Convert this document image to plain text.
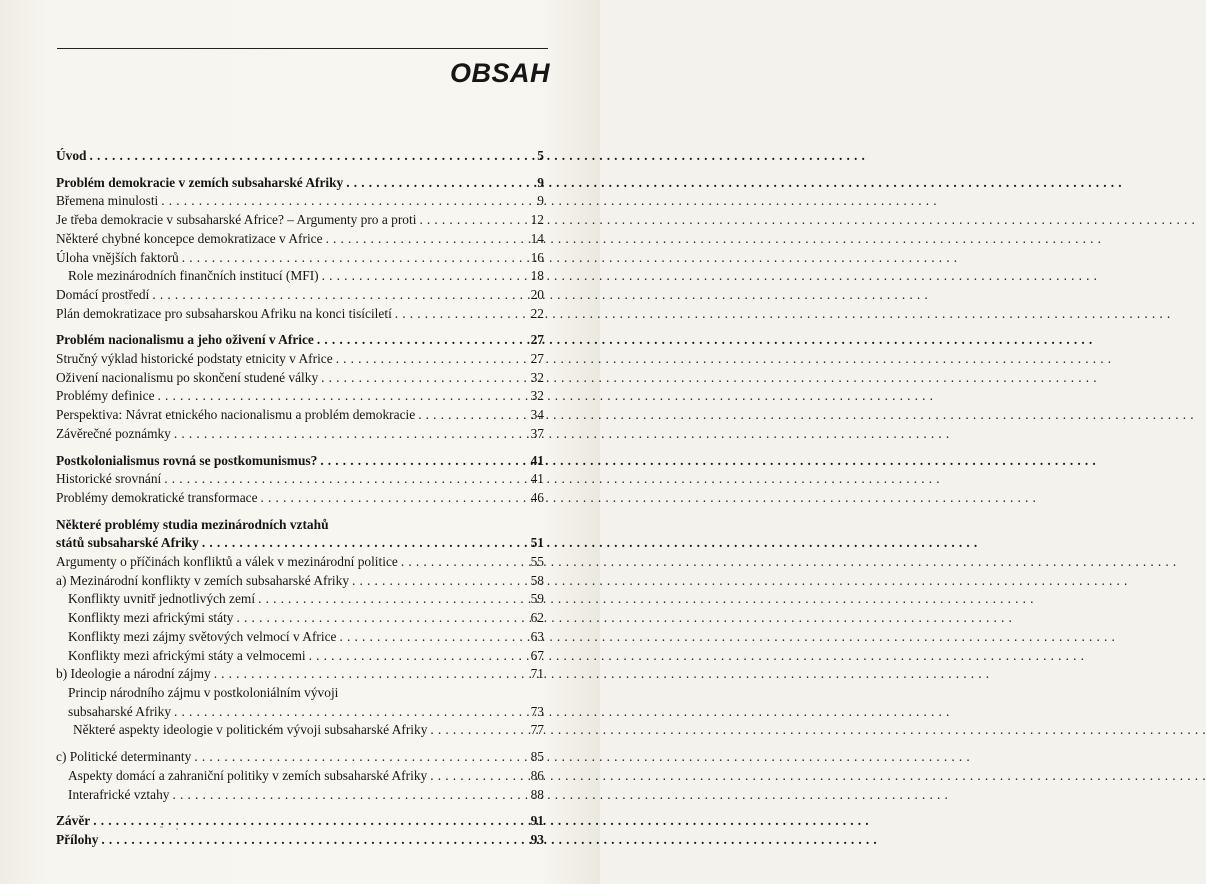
OBSAH
Úvod . . .	5
Problém demokracie v zemích subsaharské Afriky . . .	9
Břemena minulosti . . .	9
Je třeba demokracie v subsaharské Africe? – Argumenty pro a proti . . .	12
Některé chybné koncepce demokratizace v Africe . . .	14
Úloha vnějších faktorů . . .	16
Role mezinárodních finančních institucí (MFI) . . .	18
Domácí prostředí . . .	20
Plán demokratizace pro subsaharskou Afriku na konci tisíciletí . . .	22
Problém nacionalismu a jeho oživení v Africe . . .	27
Stručný výklad historické podstaty etnicity v Africe . . .	27
Oživení nacionalismu po skončení studené války . . .	32
Problémy definice . . .	32
Perspektiva: Návrat etnického nacionalismu a problém demokracie . . .	34
Závěrečné poznámky . . .	37
Postkolonialismus rovná se postkomunismus? . . .	41
Historické srovnání . . .	41
Problémy demokratické transformace . . .	46
Některé problémy studia mezinárodních vztahů
států subsaharské Afriky . . .	51
Argumenty o příčinách konfliktů a válek v mezinárodní politice . . .	55
a) Mezinárodní konflikty v zemích subsaharské Afriky . . .	58
Konflikty uvnitř jednotlivých zemí . . .	59
Konflikty mezi africkými státy . . .	62
Konflikty mezi zájmy světových velmocí v Africe . . .	63
Konflikty mezi africkými státy a velmocemi . . .	67
b) Ideologie a národní zájmy . . .	71
Princip národního zájmu v postkoloniálním vývoji
subsaharské Afriky . . .	73
Některé aspekty ideologie v politickém vývoji subsaharské Afriky . . .	77
c) Politické determinanty . . .	85
Aspekty domácí a zahraniční politiky v zemích subsaharské Afriky . . .	86
Interafrické vztahy . . .	88
Závěr . . .	91
Přílohy . . .	93
